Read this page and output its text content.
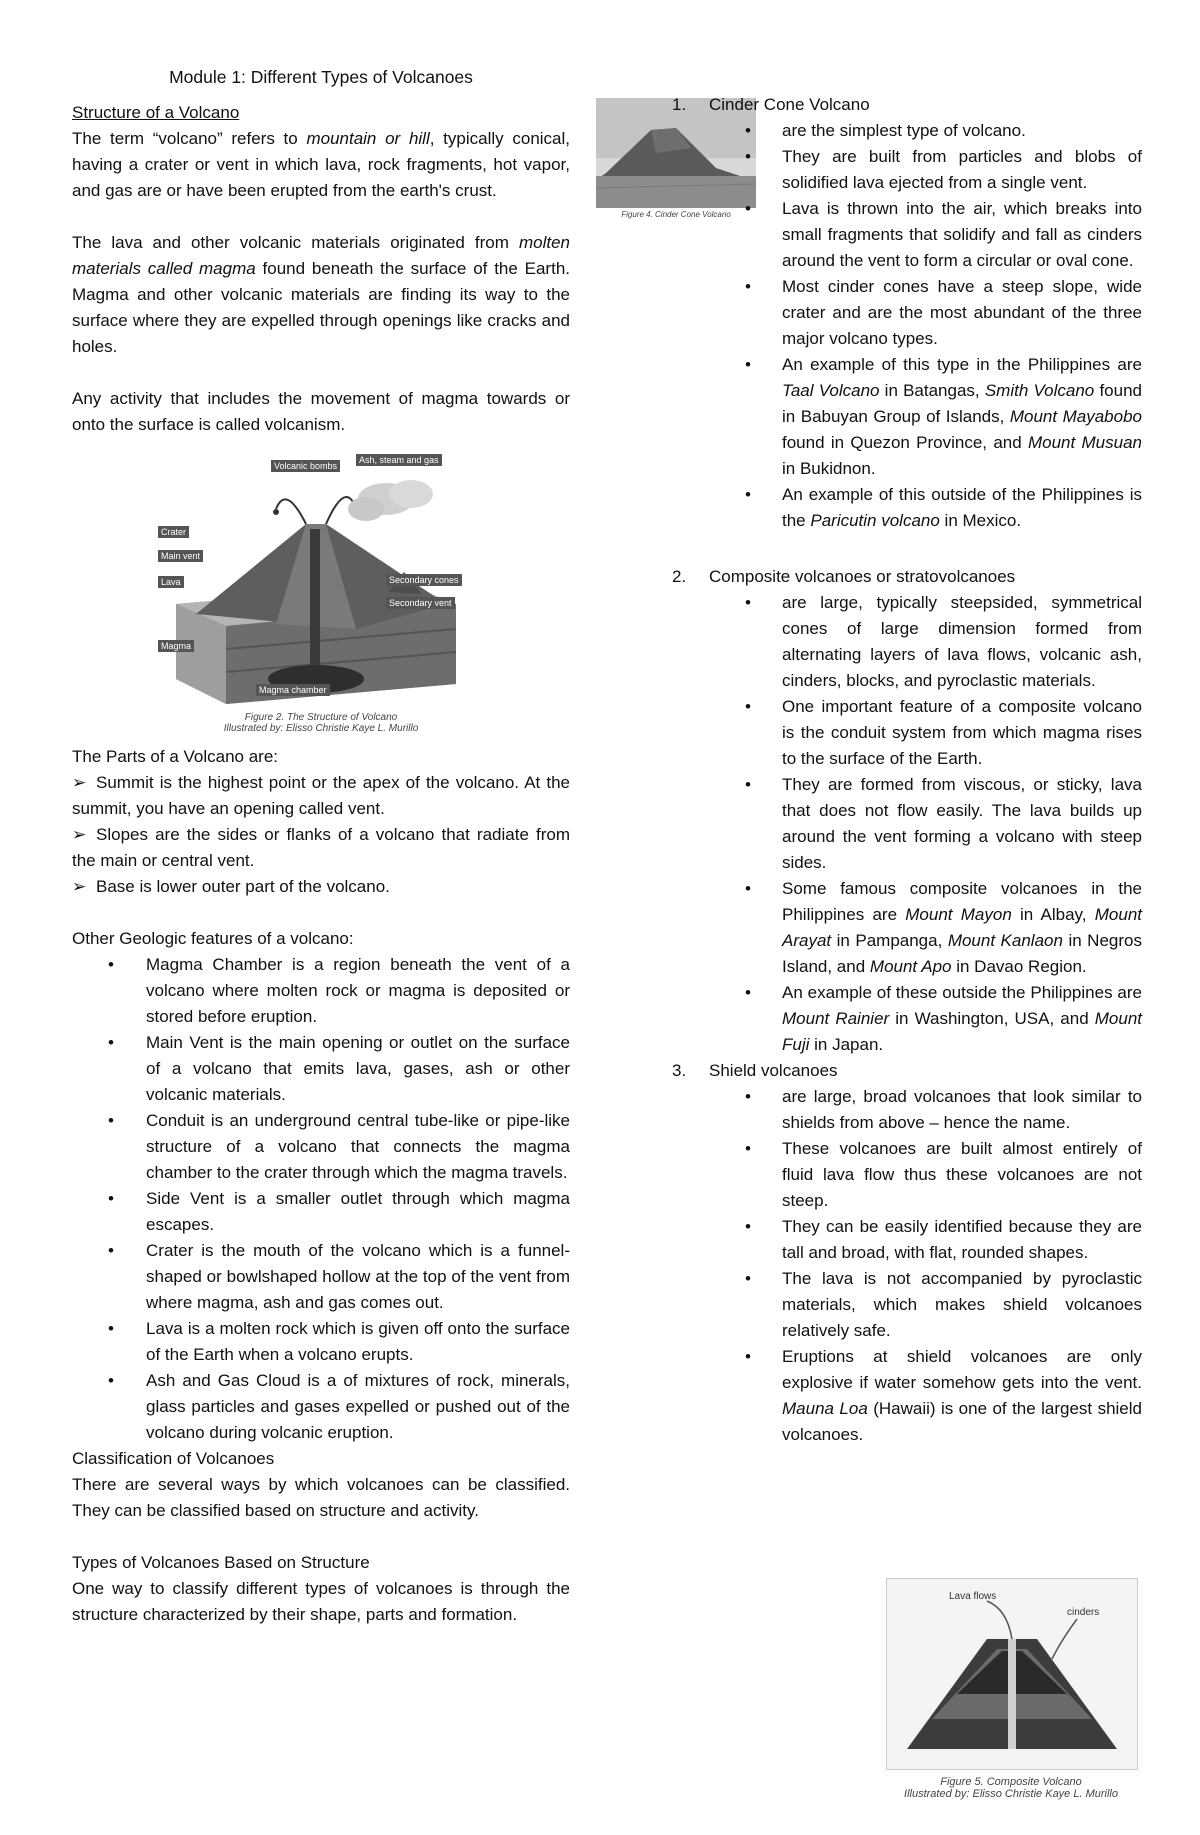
Module 1: Different Types of Volcanoes
Structure of a Volcano

The term “volcano” refers to mountain or hill, typically conical, having a crater or vent in which lava, rock fragments, hot vapor, and gas are or have been erupted from the earth's crust.

The lava and other volcanic materials originated from molten materials called magma found beneath the surface of the Earth. Magma and other volcanic materials are finding its way to the surface where they are expelled through openings like cracks and holes.

Any activity that includes the movement of magma towards or onto the surface is called volcanism.

Volcanic bombs
Ash, steam and gas
Crater
Main vent
Lava	Secondary cones
Secondary vent
Magma
Magma chamber
Figure 2. The Structure of Volcano
Illustrated by: Elisso Christie Kaye L. Murillo
The Parts of a Volcano are:

➢ Summit is the highest point or the apex of the volcano. At the summit, you have an opening called vent.

➢ Slopes are the sides or flanks of a volcano that radiate from the main or central vent.

➢ Base is lower outer part of the volcano.

Other Geologic features of a volcano:
• Magma Chamber is a region beneath the vent of a volcano where molten rock or magma is deposited or stored before eruption.
• Main Vent is the main opening or outlet on the surface of a volcano that emits lava, gases, ash or other volcanic materials.
• Conduit is an underground central tube-like or pipe-like structure of a volcano that connects the magma chamber to the crater through which the magma travels.
• Side Vent is a smaller outlet through which magma escapes.
• Crater is the mouth of the volcano which is a funnel-shaped or bowlshaped hollow at the top of the vent from where magma, ash and gas comes out.
• Lava is a molten rock which is given off onto the surface of the Earth when a volcano erupts.
• Ash and Gas Cloud is a of mixtures of rock, minerals, glass particles and gases expelled or pushed out of the volcano during volcanic eruption.
Classification of Volcanoes

There are several ways by which volcanoes can be classified. They can be classified based on structure and activity.

Types of Volcanoes Based on Structure

One way to classify different types of volcanoes is through the structure characterized by their shape, parts and formation.

Figure 4. Cinder Cone Volcano
1. Cinder Cone Volcano
• are the simplest type of volcano.
• They are built from particles and blobs of solidified lava ejected from a single vent.
• Lava is thrown into the air, which breaks into small fragments that solidify and fall as cinders around the vent to form a circular or oval cone.
• Most cinder cones have a steep slope, wide crater and are the most abundant of the three major volcano types.
• An example of this type in the Philippines are Taal Volcano in Batangas, Smith Volcano found in Babuyan Group of Islands, Mount Mayabobo found in Quezon Province, and Mount Musuan in Bukidnon.
• An example of this outside of the Philippines is the Paricutin volcano in Mexico.
2. Composite volcanoes or stratovolcanoes
• are large, typically steepsided, symmetrical cones of large dimension formed from alternating layers of lava flows, volcanic ash, cinders, blocks, and pyroclastic materials.
• One important feature of a composite volcano is the conduit system from which magma rises to the surface of the Earth.
• They are formed from viscous, or sticky, lava that does not flow easily. The lava builds up around the vent forming a volcano with steep sides.
• Some famous composite volcanoes in the Philippines are Mount Mayon in Albay, Mount Arayat in Pampanga, Mount Kanlaon in Negros Island, and Mount Apo in Davao Region.
• An example of these outside the Philippines are Mount Rainier in Washington, USA, and Mount Fuji in Japan.
3. Shield volcanoes
• are large, broad volcanoes that look similar to shields from above – hence the name.
• These volcanoes are built almost entirely of fluid lava flow thus these volcanoes are not steep.
• They can be easily identified because they are tall and broad, with flat, rounded shapes.
• The lava is not accompanied by pyroclastic materials, which makes shield volcanoes relatively safe.
• Eruptions at shield volcanoes are only explosive if water somehow gets into the vent. Mauna Loa (Hawaii) is one of the largest shield volcanoes.
Lava flows
cinders
Figure 5. Composite Volcano
Illustrated by: Elisso Christie Kaye L. Murillo
